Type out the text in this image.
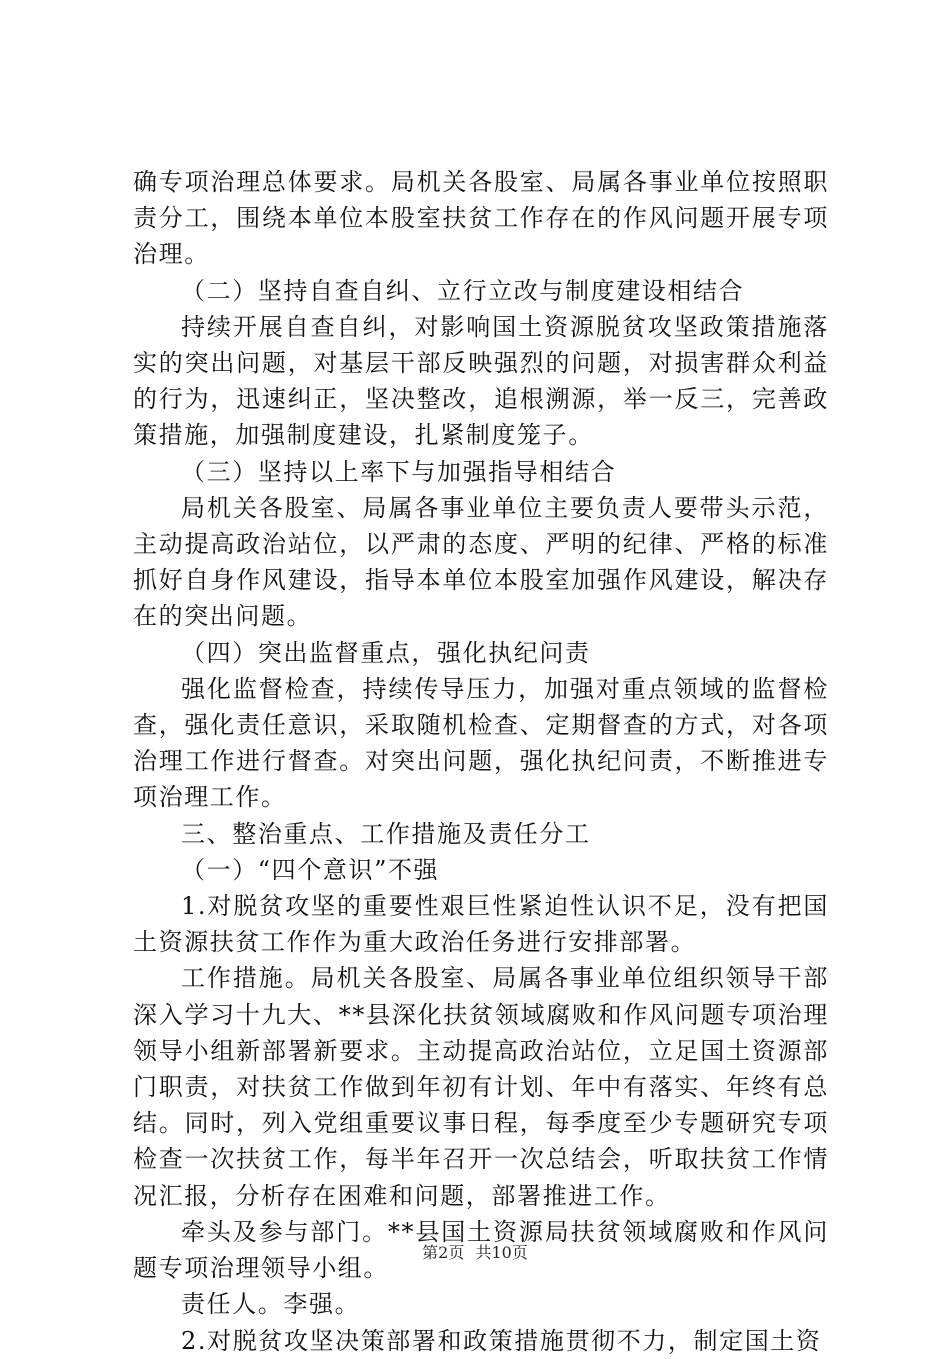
确专项治理总体要求。局机关各股室、局属各事业单位按照职责分工，围绕本单位本股室扶贫工作存在的作风问题开展专项治理。

（二）坚持自查自纠、立行立改与制度建设相结合

持续开展自查自纠，对影响国土资源脱贫攻坚政策措施落实的突出问题，对基层干部反映强烈的问题，对损害群众利益的行为，迅速纠正，坚决整改，追根溯源，举一反三，完善政策措施，加强制度建设，扎紧制度笼子。

（三）坚持以上率下与加强指导相结合

局机关各股室、局属各事业单位主要负责人要带头示范，主动提高政治站位，以严肃的态度、严明的纪律、严格的标准抓好自身作风建设，指导本单位本股室加强作风建设，解决存在的突出问题。

（四）突出监督重点，强化执纪问责

强化监督检查，持续传导压力，加强对重点领域的监督检查，强化责任意识，采取随机检查、定期督查的方式，对各项治理工作进行督查。对突出问题，强化执纪问责，不断推进专项治理工作。

三、整治重点、工作措施及责任分工

（一）“四个意识”不强

1.对脱贫攻坚的重要性艰巨性紧迫性认识不足，没有把国土资源扶贫工作作为重大政治任务进行安排部署。

工作措施。局机关各股室、局属各事业单位组织领导干部深入学习十九大、**县深化扶贫领域腐败和作风问题专项治理领导小组新部署新要求。主动提高政治站位，立足国土资源部门职责，对扶贫工作做到年初有计划、年中有落实、年终有总结。同时，列入党组重要议事日程，每季度至少专题研究专项检查一次扶贫工作，每半年召开一次总结会，听取扶贫工作情况汇报，分析存在困难和问题，部署推进工作。

牵头及参与部门。**县国土资源局扶贫领域腐败和作风问题专项治理领导小组。

责任人。李强。

2.对脱贫攻坚决策部署和政策措施贯彻不力，制定国土资

第2页 共10页
